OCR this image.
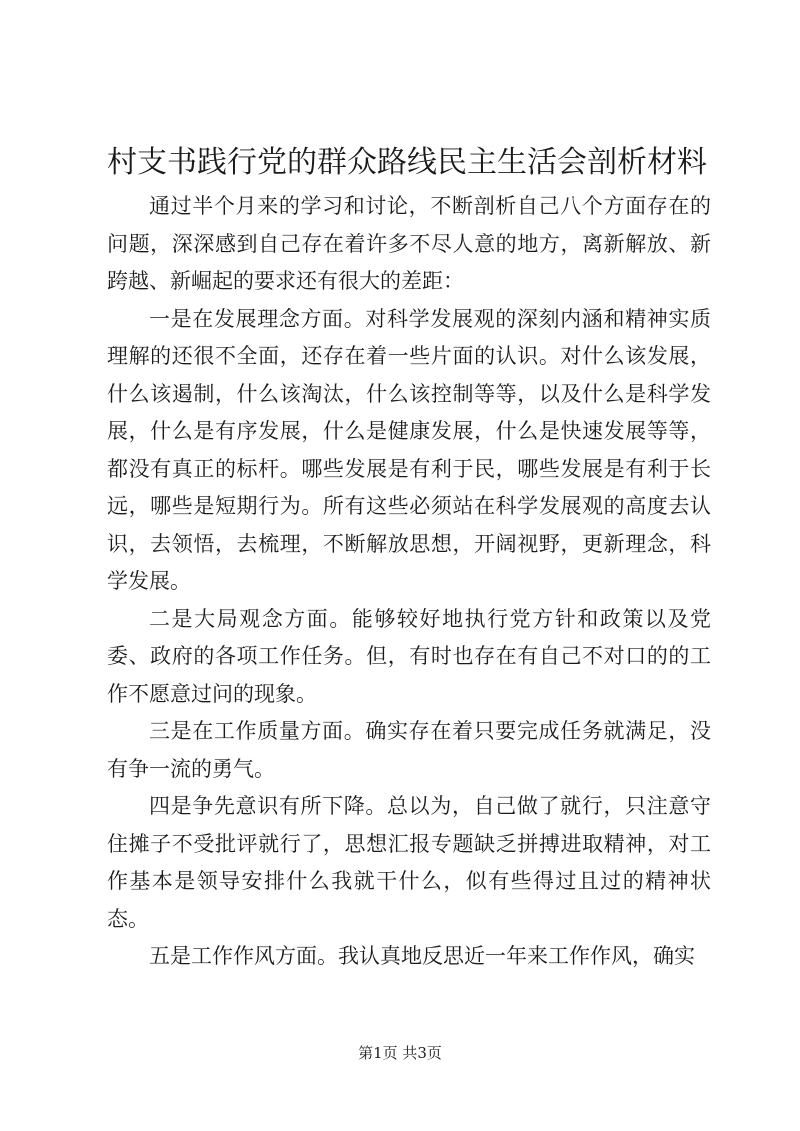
村支书践行党的群众路线民主生活会剖析材料

通过半个月来的学习和讨论，不断剖析自己八个方面存在的问题，深深感到自己存在着许多不尽人意的地方，离新解放、新跨越、新崛起的要求还有很大的差距：

一是在发展理念方面。对科学发展观的深刻内涵和精神实质理解的还很不全面，还存在着一些片面的认识。对什么该发展，什么该遏制，什么该淘汰，什么该控制等等，以及什么是科学发展，什么是有序发展，什么是健康发展，什么是快速发展等等，都没有真正的标杆。哪些发展是有利于民，哪些发展是有利于长远，哪些是短期行为。所有这些必须站在科学发展观的高度去认识，去领悟，去梳理，不断解放思想，开阔视野，更新理念，科学发展。

二是大局观念方面。能够较好地执行党方针和政策以及党委、政府的各项工作任务。但，有时也存在有自己不对口的的工作不愿意过问的现象。

三是在工作质量方面。确实存在着只要完成任务就满足，没有争一流的勇气。

四是争先意识有所下降。总以为，自己做了就行，只注意守住摊子不受批评就行了，思想汇报专题缺乏拼搏进取精神，对工作基本是领导安排什么我就干什么，似有些得过且过的精神状态。

五是工作作风方面。我认真地反思近一年来工作作风，确实

第1页 共3页
